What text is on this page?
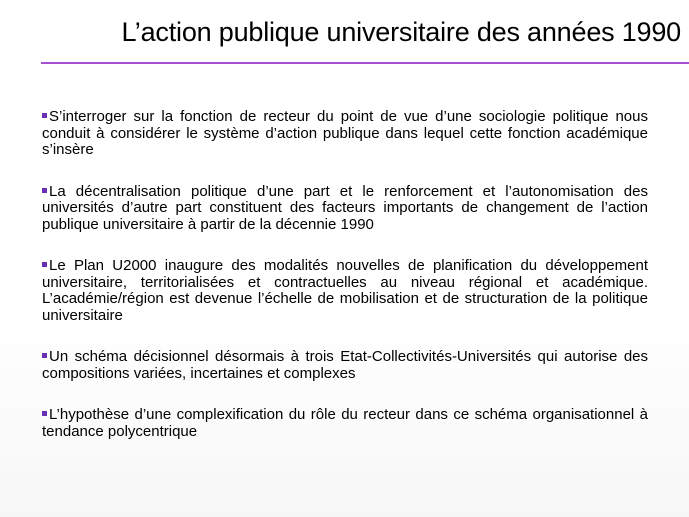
L’action publique universitaire des années 1990

S’interroger sur la fonction de recteur du point de vue d’une sociologie politique nous conduit à considérer le système d’action publique dans lequel cette fonction académique s’insère

La décentralisation politique d’une part et le renforcement et l’autonomisation des universités d’autre part constituent des facteurs importants de changement de l’action publique universitaire à partir de la décennie 1990

Le Plan U2000 inaugure des modalités nouvelles de planification du développement universitaire, territorialisées et contractuelles au niveau régional et académique. L’académie/région est devenue l’échelle de mobilisation et de structuration de la politique universitaire

Un schéma décisionnel désormais à trois Etat-Collectivités-Universités qui autorise des compositions variées, incertaines et complexes

L’hypothèse d’une complexification du rôle du recteur dans ce schéma organisationnel à tendance polycentrique
